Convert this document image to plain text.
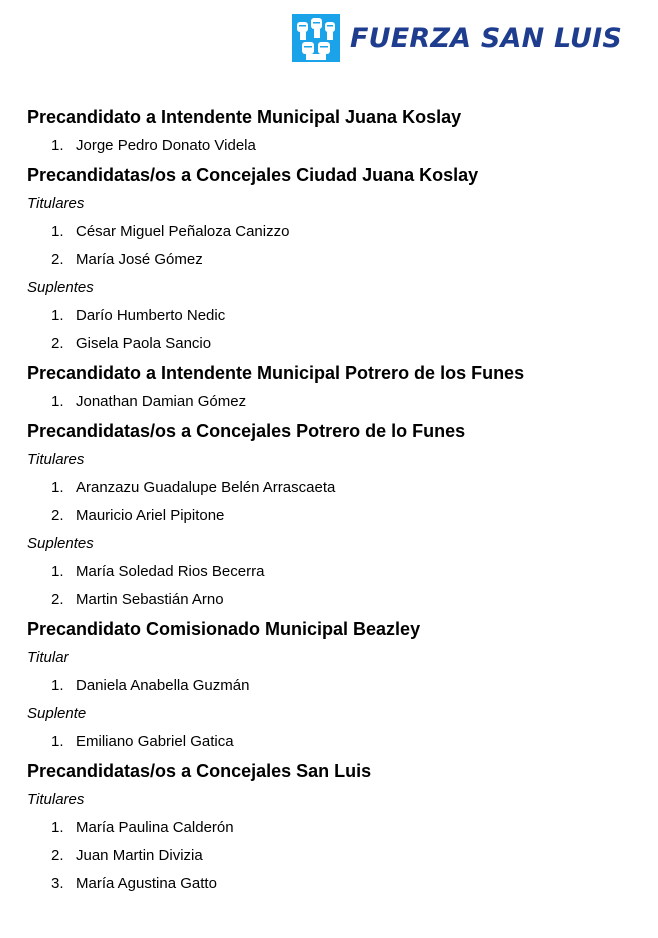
FUERZA SAN LUIS
Precandidato a Intendente Municipal Juana Koslay
1. Jorge Pedro Donato Videla
Precandidatas/os a Concejales Ciudad Juana Koslay
Titulares
1. César Miguel Peñaloza Canizzo
2. María José Gómez
Suplentes
1. Darío Humberto Nedic
2. Gisela Paola Sancio
Precandidato a Intendente Municipal Potrero de los Funes
1. Jonathan Damian Gómez
Precandidatas/os a Concejales Potrero de lo Funes
Titulares
1. Aranzazu Guadalupe Belén Arrascaeta
2. Mauricio Ariel Pipitone
Suplentes
1. María Soledad Rios Becerra
2. Martin Sebastián Arno
Precandidato Comisionado Municipal Beazley
Titular
1. Daniela Anabella Guzmán
Suplente
1. Emiliano Gabriel Gatica
Precandidatas/os a Concejales San Luis
Titulares
1. María Paulina Calderón
2. Juan Martin Divizia
3. María Agustina Gatto
